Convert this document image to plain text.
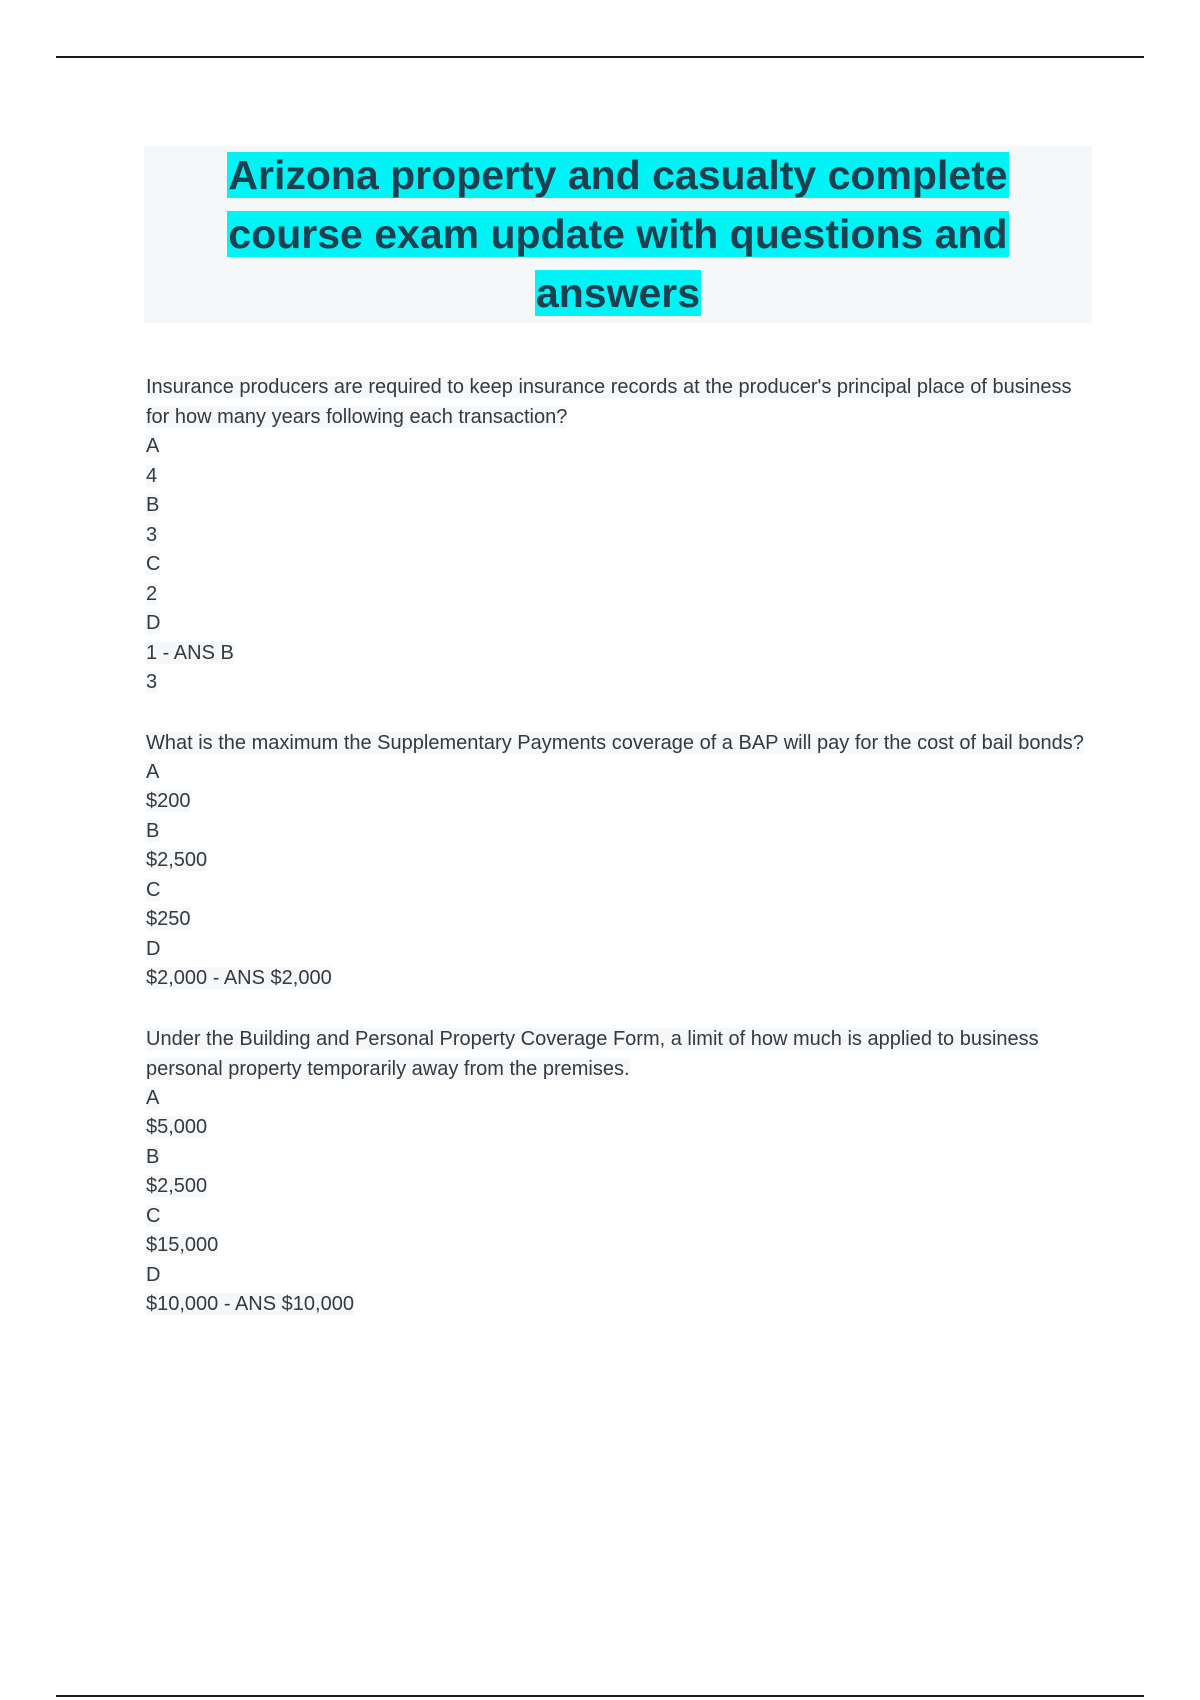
Arizona property and casualty complete
course exam update with questions and
answers
Insurance producers are required to keep insurance records at the producer's principal place of business for how many years following each transaction?
A
4
B
3
C
2
D
1 - ANS B
3
What is the maximum the Supplementary Payments coverage of a BAP will pay for the cost of bail bonds?
A
$200
B
$2,500
C
$250
D
$2,000 - ANS $2,000
Under the Building and Personal Property Coverage Form, a limit of how much is applied to business personal property temporarily away from the premises.
A
$5,000
B
$2,500
C
$15,000
D
$10,000 - ANS $10,000
